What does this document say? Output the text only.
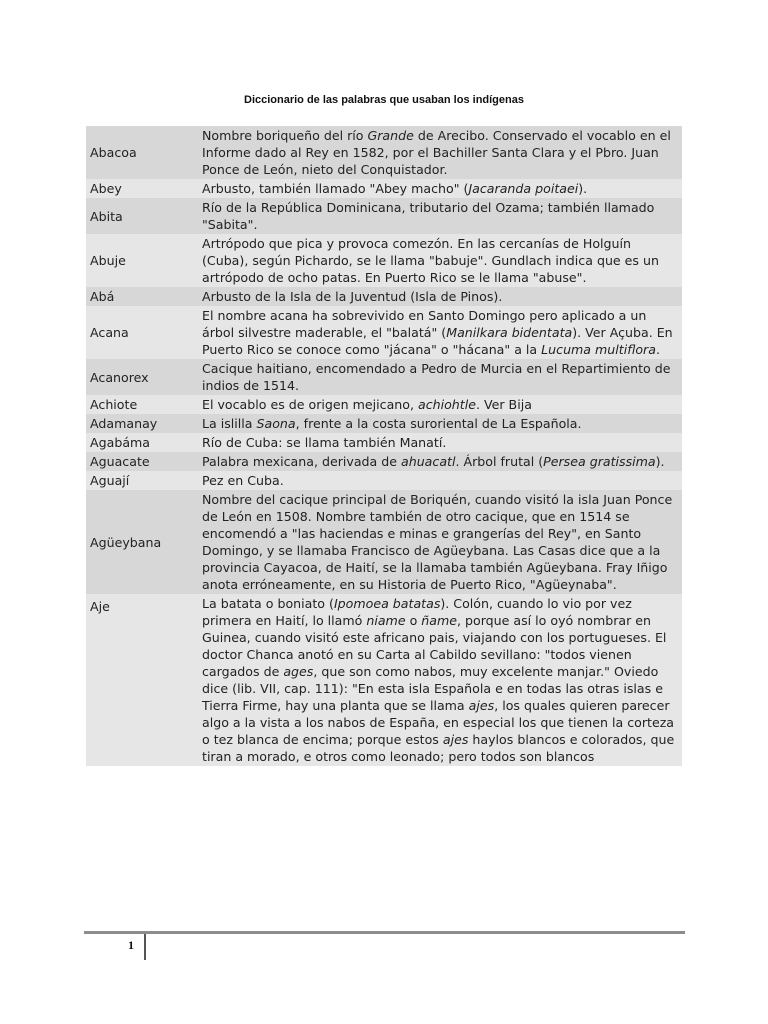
Diccionario de las palabras que usaban los indígenas
Abacoa	Nombre boriqueño del río Grande de Arecibo. Conservado el vocablo en el Informe dado al Rey en 1582, por el Bachiller Santa Clara y el Pbro. Juan Ponce de León, nieto del Conquistador.
Abey	Arbusto, también llamado "Abey macho" (Jacaranda poitaei).
Abita	Río de la República Dominicana, tributario del Ozama; también llamado "Sabita".
Abuje	Artrópodo que pica y provoca comezón. En las cercanías de Holguín (Cuba), según Pichardo, se le llama "babuje". Gundlach indica que es un artrópodo de ocho patas. En Puerto Rico se le llama "abuse".
Abá	Arbusto de la Isla de la Juventud (Isla de Pinos).
Acana	El nombre acana ha sobrevivido en Santo Domingo pero aplicado a un árbol silvestre maderable, el "balatá" (Manilkara bidentata). Ver Açuba. En Puerto Rico se conoce como "jácana" o "hácana" a la Lucuma multiflora.
Acanorex	Cacique haitiano, encomendado a Pedro de Murcia en el Repartimiento de indios de 1514.
Achiote	El vocablo es de origen mejicano, achiohtle. Ver Bija
Adamanay	La islilla Saona, frente a la costa suroriental de La Española.
Agabáma	Río de Cuba: se llama también Manatí.
Aguacate	Palabra mexicana, derivada de ahuacatl. Árbol frutal (Persea gratissima).
Aguají	Pez en Cuba.
Agüeybana	Nombre del cacique principal de Boriquén, cuando visitó la isla Juan Ponce de León en 1508. Nombre también de otro cacique, que en 1514 se encomendó a "las haciendas e minas e grangerías del Rey", en Santo Domingo, y se llamaba Francisco de Agüeybana. Las Casas dice que a la provincia Cayacoa, de Haití, se la llamaba también Agüeybana. Fray Iñigo anota erróneamente, en su Historia de Puerto Rico, "Agüeynaba".
Aje	La batata o boniato (Ipomoea batatas). Colón, cuando lo vio por vez primera en Haití, lo llamó niame o ñame, porque así lo oyó nombrar en Guinea, cuando visitó este africano pais, viajando con los portugueses. El doctor Chanca anotó en su Carta al Cabildo sevillano: "todos vienen cargados de ages, que son como nabos, muy excelente manjar." Oviedo dice (lib. VII, cap. 111): "En esta isla Española e en todas las otras islas e Tierra Firme, hay una planta que se llama ajes, los quales quieren parecer algo a la vista a los nabos de España, en especial los que tienen la corteza o tez blanca de encima; porque estos ajes haylos blancos e colorados, que tiran a morado, e otros como leonado; pero todos son blancos
1
